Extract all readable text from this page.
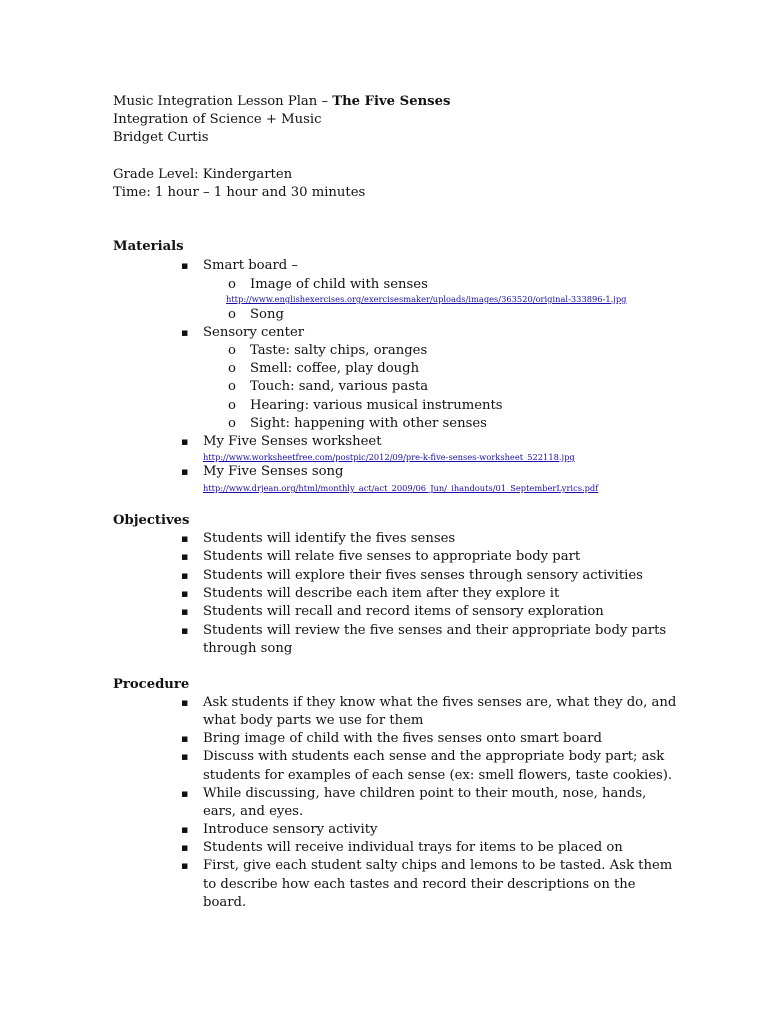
Music Integration Lesson Plan – The Five Senses
Integration of Science + Music
Bridget Curtis
Grade Level: Kindergarten
Time: 1 hour – 1 hour and 30 minutes
Materials
▪ Smart board –
o Image of child with senses
http://www.englishexercises.org/exercisesmaker/uploads/images/363520/original-333896-1.jpg
o Song
▪ Sensory center
o Taste: salty chips, oranges
o Smell: coffee, play dough
o Touch: sand, various pasta
o Hearing: various musical instruments
o Sight: happening with other senses
▪ My Five Senses worksheet
http://www.worksheetfree.com/postpic/2012/09/pre-k-five-senses-worksheet_522118.jpg
▪ My Five Senses song
http://www.drjean.org/html/monthly_act/act_2009/06_Jun/_ihandouts/01_SeptemberLyrics.pdf
Objectives
▪ Students will identify the fives senses
▪ Students will relate five senses to appropriate body part
▪ Students will explore their fives senses through sensory activities
▪ Students will describe each item after they explore it
▪ Students will recall and record items of sensory exploration
▪ Students will review the five senses and their appropriate body parts
through song
Procedure
▪ Ask students if they know what the fives senses are, what they do, and
what body parts we use for them
▪ Bring image of child with the fives senses onto smart board
▪ Discuss with students each sense and the appropriate body part; ask
students for examples of each sense (ex: smell flowers, taste cookies).
▪ While discussing, have children point to their mouth, nose, hands,
ears, and eyes.
▪ Introduce sensory activity
▪ Students will receive individual trays for items to be placed on
▪ First, give each student salty chips and lemons to be tasted. Ask them
to describe how each tastes and record their descriptions on the
board.
